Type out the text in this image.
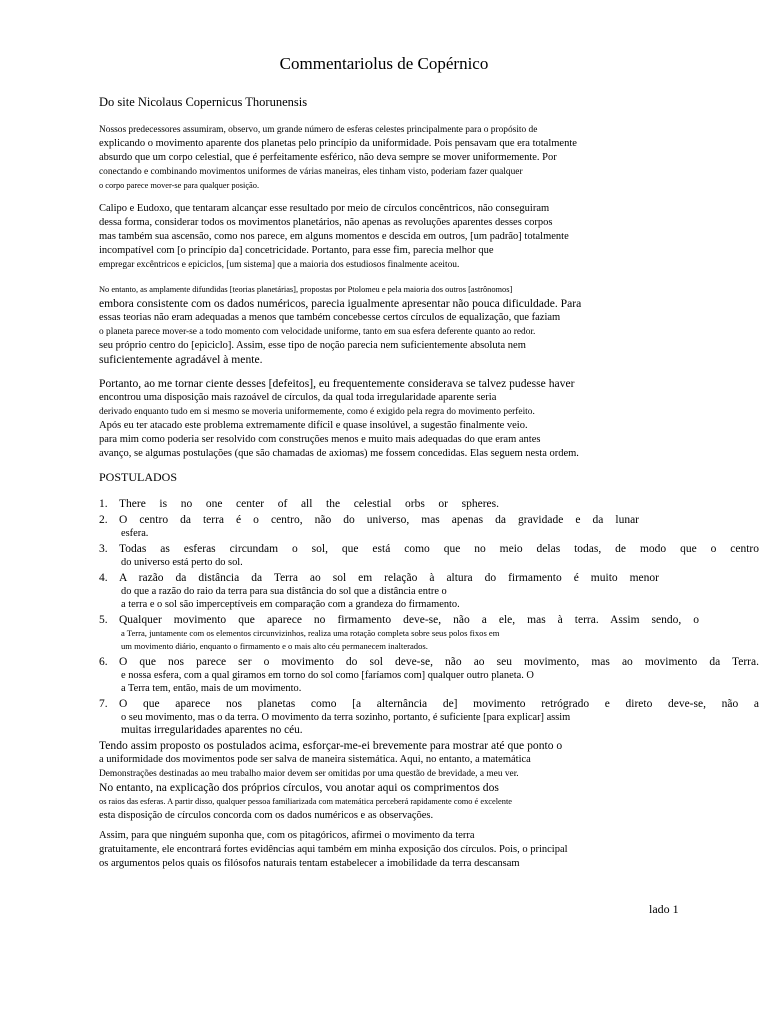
Commentariolus de Copérnico
Do site Nicolaus Copernicus Thorunensis
Nossos predecessores assumiram, observo, um grande número de esferas celestes principalmente para o propósito de
explicando o movimento aparente dos planetas pelo princípio da uniformidade. Pois pensavam que era totalmente
absurdo que um corpo celestial, que é perfeitamente esférico, não deva sempre se mover uniformemente. Por
conectando e combinando movimentos uniformes de várias maneiras, eles tinham visto, poderiam fazer qualquer
o corpo parece mover-se para qualquer posição.
Calipo e Eudoxo, que tentaram alcançar esse resultado por meio de círculos concêntricos, não conseguiram
dessa forma, considerar todos os movimentos planetários, não apenas as revoluções aparentes desses corpos
mas também sua ascensão, como nos parece, em alguns momentos e descida em outros, [um padrão] totalmente
incompatível com [o princípio da] concetricidade. Portanto, para esse fim, parecia melhor que
empregar excêntricos e epiciclos, [um sistema] que a maioria dos estudiosos finalmente aceitou.
No entanto, as amplamente difundidas [teorias planetárias], propostas por Ptolomeu e pela maioria dos outros [astrônomos]
embora consistente com os dados numéricos, parecia igualmente apresentar não pouca dificuldade. Para
essas teorias não eram adequadas a menos que também concebesse certos círculos de equalização, que faziam
o planeta parece mover-se a todo momento com velocidade uniforme, tanto em sua esfera deferente quanto ao redor.
seu próprio centro do [epiciclo]. Assim, esse tipo de noção parecia nem suficientemente absoluta nem
suficientemente agradável à mente.
Portanto, ao me tornar ciente desses [defeitos], eu frequentemente considerava se talvez pudesse haver
encontrou uma disposição mais razoável de círculos, da qual toda irregularidade aparente seria
derivado enquanto tudo em si mesmo se moveria uniformemente, como é exigido pela regra do movimento perfeito.
Após eu ter atacado este problema extremamente difícil e quase insolúvel, a sugestão finalmente veio.
para mim como poderia ser resolvido com construções menos e muito mais adequadas do que eram antes
avanço, se algumas postulações (que são chamadas de axiomas) me fossem concedidas. Elas seguem nesta ordem.
POSTULADOS
1. There is no one center of all the celestial orbs or spheres.
2. O centro da terra é o centro, não do universo, mas apenas da gravidade e da lunar
esfera.
3. Todas as esferas circundam o sol, que está como que no meio delas todas, de modo que o centro
do universo está perto do sol.
4. A razão da distância da Terra ao sol em relação à altura do firmamento é muito menor
do que a razão do raio da terra para sua distância do sol que a distância entre o
a terra e o sol são imperceptíveis em comparação com a grandeza do firmamento.
5. Qualquer movimento que aparece no firmamento deve-se, não a ele, mas à terra. Assim sendo, o
a Terra, juntamente com os elementos circunvizinhos, realiza uma rotação completa sobre seus polos fixos em
um movimento diário, enquanto o firmamento e o mais alto céu permanecem inalterados.
6. O que nos parece ser o movimento do sol deve-se, não ao seu movimento, mas ao movimento da Terra.
e nossa esfera, com a qual giramos em torno do sol como [faríamos com] qualquer outro planeta. O
a Terra tem, então, mais de um movimento.
7. O que aparece nos planetas como [a alternância de] movimento retrógrado e direto deve-se, não a
o seu movimento, mas o da terra. O movimento da terra sozinho, portanto, é suficiente [para explicar] assim
muitas irregularidades aparentes no céu.
Tendo assim proposto os postulados acima, esforçar-me-ei brevemente para mostrar até que ponto o
a uniformidade dos movimentos pode ser salva de maneira sistemática. Aqui, no entanto, a matemática
Demonstrações destinadas ao meu trabalho maior devem ser omitidas por uma questão de brevidade, a meu ver.
No entanto, na explicação dos próprios círculos, vou anotar aqui os comprimentos dos
os raios das esferas. A partir disso, qualquer pessoa familiarizada com matemática perceberá rapidamente como é excelente
esta disposição de círculos concorda com os dados numéricos e as observações.
Assim, para que ninguém suponha que, com os pitagóricos, afirmei o movimento da terra
gratuitamente, ele encontrará fortes evidências aqui também em minha exposição dos círculos. Pois, o principal
os argumentos pelos quais os filósofos naturais tentam estabelecer a imobilidade da terra descansam
lado 1
